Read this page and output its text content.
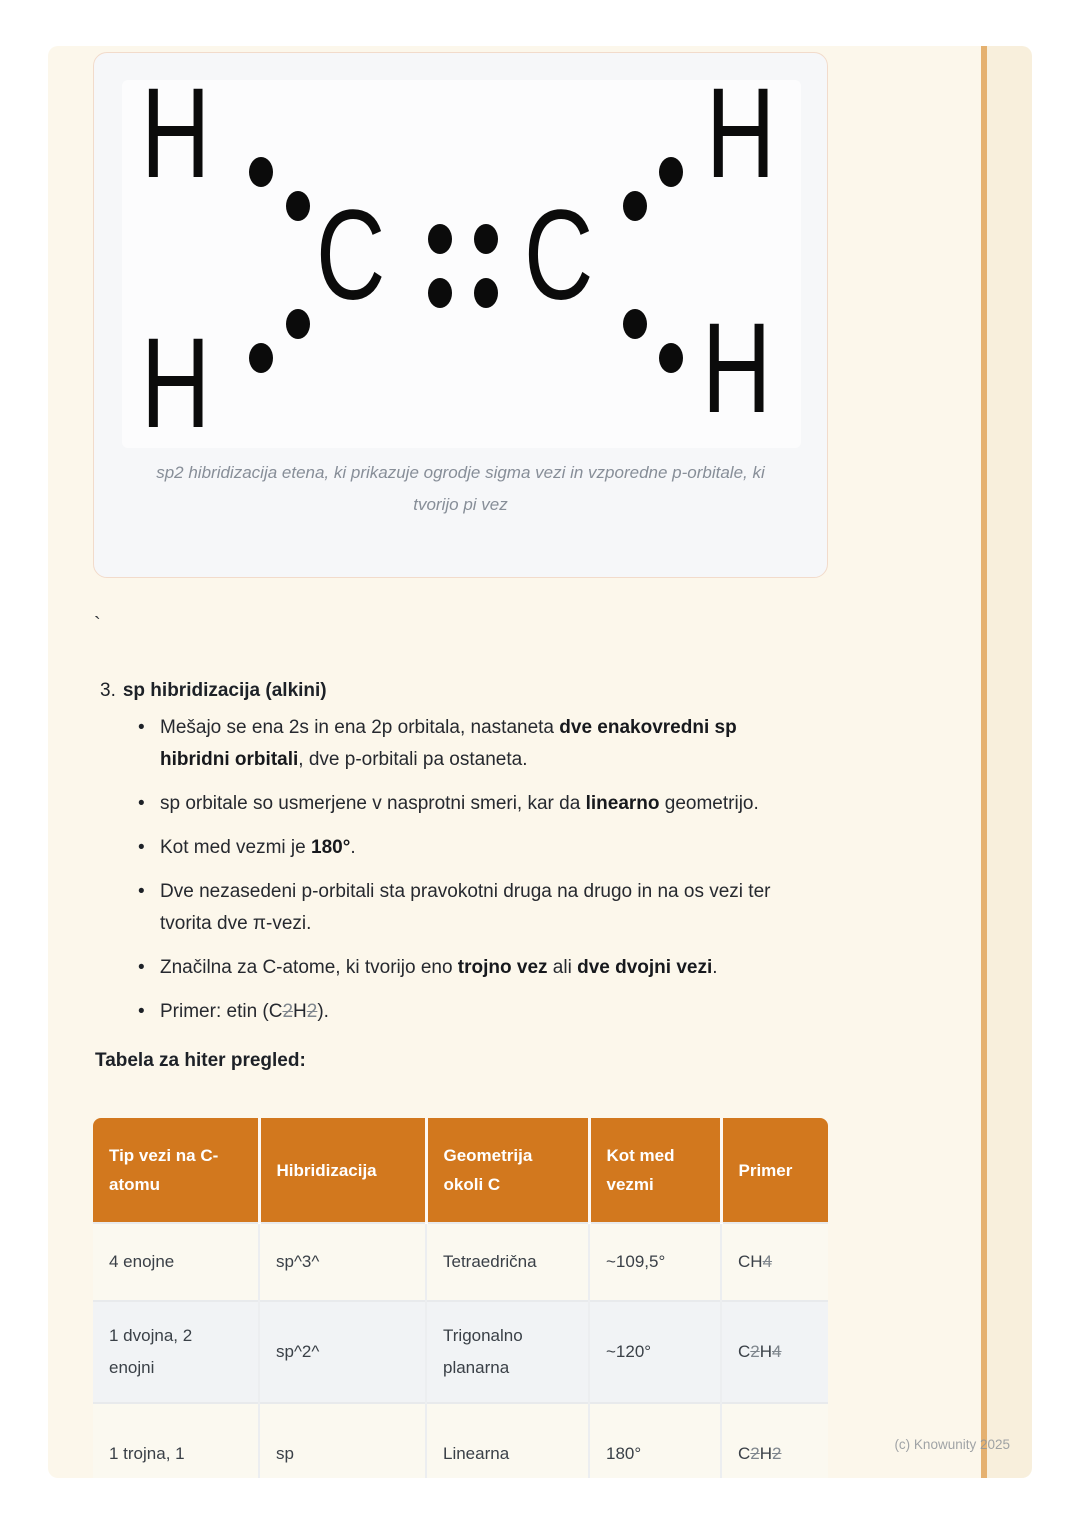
H	H
C C
H	H
sp2 hibridizacija etena, ki prikazuje ogrodje sigma vezi in vzporedne p-orbitale, ki tvorijo pi vez
`
3. sp hibridizacija (alkini)
• Mešajo se ena 2s in ena 2p orbitala, nastaneta dve enakovredni sp hibridni orbitali, dve p-orbitali pa ostaneta.
• sp orbitale so usmerjene v nasprotni smeri, kar da linearno geometrijo.
• Kot med vezmi je 180°.
• Dve nezasedeni p-orbitali sta pravokotni druga na drugo in na os vezi ter tvorita dve π-vezi.
• Značilna za C-atome, ki tvorijo eno trojno vez ali dve dvojni vezi.
• Primer: etin (C2H2).
Tabela za hiter pregled:
Tip vezi na C-atomu	Hibridizacija	Geometrija okoli C	Kot med vezmi	Primer
4 enojne	sp^3^	Tetraedrična	~109,5°	CH4
1 dvojna, 2 enojni	sp^2^	Trigonalno planarna	~120°	C2H4
1 trojna, 1	sp	Linearna	180°	C2H2	(c) Knowunity 2025
